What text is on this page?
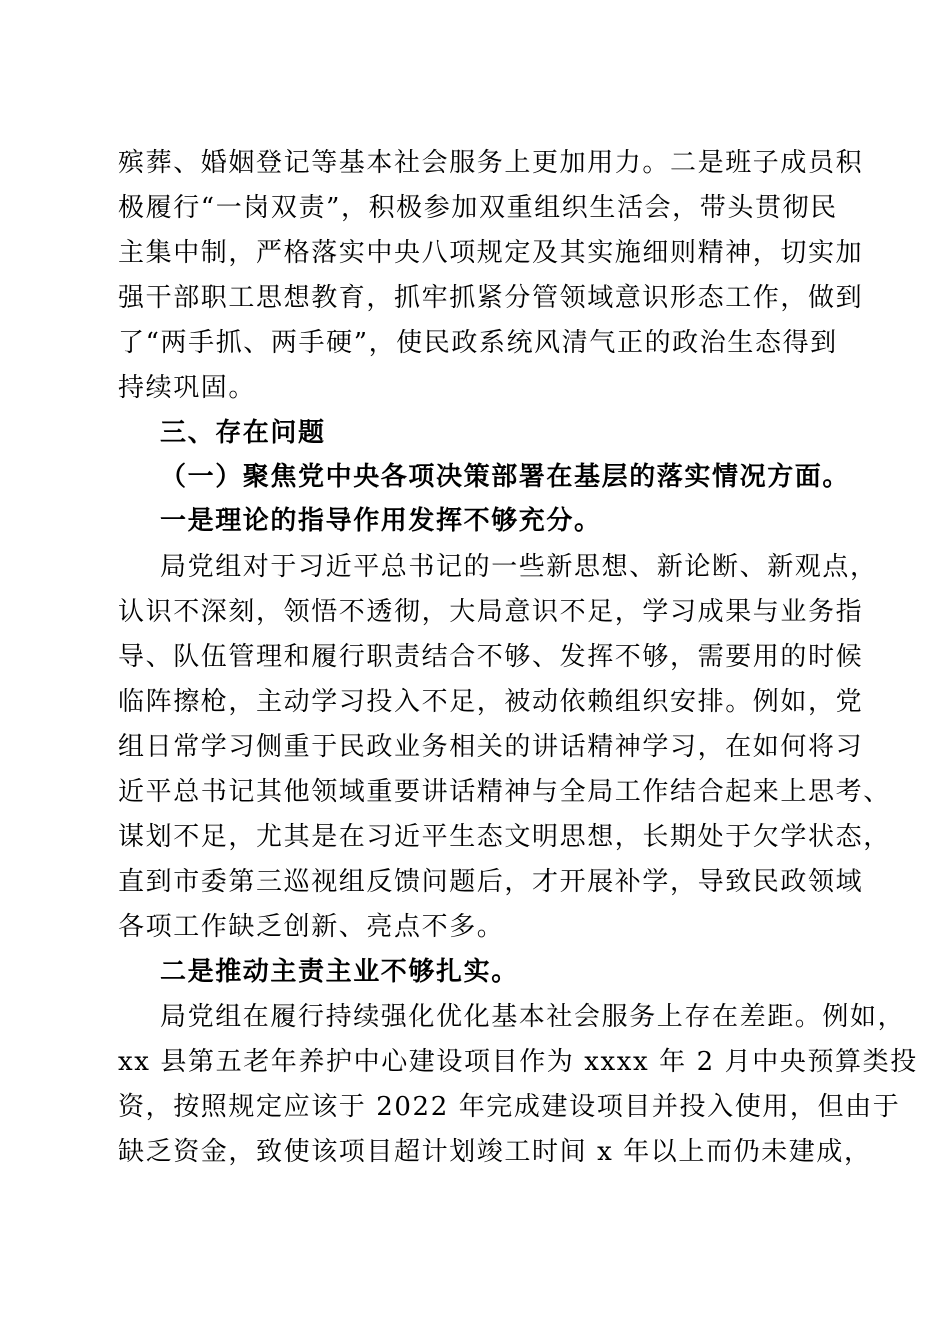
殡葬、婚姻登记等基本社会服务上更加用力。二是班子成员积
极履行“一岗双责”，积极参加双重组织生活会，带头贯彻民
主集中制，严格落实中央八项规定及其实施细则精神，切实加
强干部职工思想教育，抓牢抓紧分管领域意识形态工作，做到
了“两手抓、两手硬”，使民政系统风清气正的政治生态得到
持续巩固。
三、存在问题
（一）聚焦党中央各项决策部署在基层的落实情况方面。
一是理论的指导作用发挥不够充分。
局党组对于习近平总书记的一些新思想、新论断、新观点，
认识不深刻，领悟不透彻，大局意识不足，学习成果与业务指
导、队伍管理和履行职责结合不够、发挥不够，需要用的时候
临阵擦枪，主动学习投入不足，被动依赖组织安排。例如，党
组日常学习侧重于民政业务相关的讲话精神学习，在如何将习
近平总书记其他领域重要讲话精神与全局工作结合起来上思考、
谋划不足，尤其是在习近平生态文明思想，长期处于欠学状态，
直到市委第三巡视组反馈问题后，才开展补学，导致民政领域
各项工作缺乏创新、亮点不多。
二是推动主责主业不够扎实。
局党组在履行持续强化优化基本社会服务上存在差距。例如，
xx 县第五老年养护中心建设项目作为 xxxx 年 2 月中央预算类投
资，按照规定应该于 2022 年完成建设项目并投入使用，但由于
缺乏资金，致使该项目超计划竣工时间 x 年以上而仍未建成，
